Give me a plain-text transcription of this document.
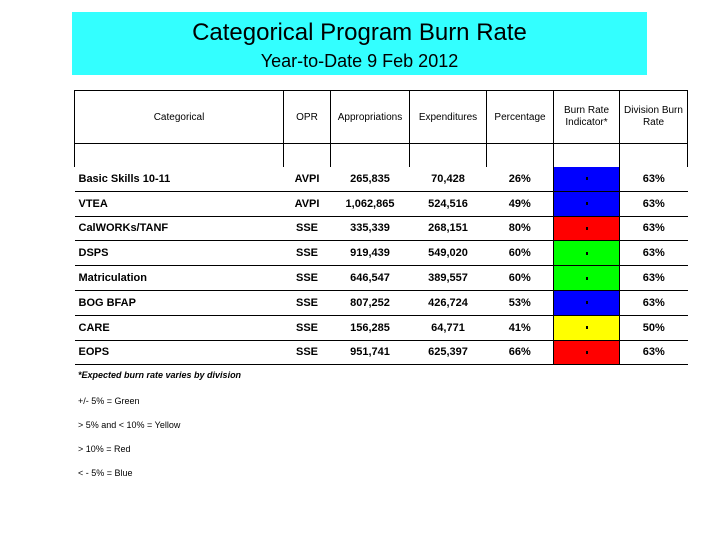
Categorical Program Burn Rate
Year-to-Date 9 Feb 2012
Categorical	OPR	Appropriations	Expenditures	Percentage	Burn Rate Indicator*	Division Burn Rate

Basic Skills 10-11	AVPI	265,835	70,428	26%		63%
VTEA	AVPI	1,062,865	524,516	49%		63%
CalWORKs/TANF	SSE	335,339	268,151	80%		63%
DSPS	SSE	919,439	549,020	60%		63%
Matriculation	SSE	646,547	389,557	60%		63%
BOG BFAP	SSE	807,252	426,724	53%		63%
CARE	SSE	156,285	64,771	41%		50%
EOPS	SSE	951,741	625,397	66%		63%
*Expected burn rate varies by division
+/- 5% = Green
> 5% and < 10% = Yellow
> 10% = Red
< - 5% = Blue
